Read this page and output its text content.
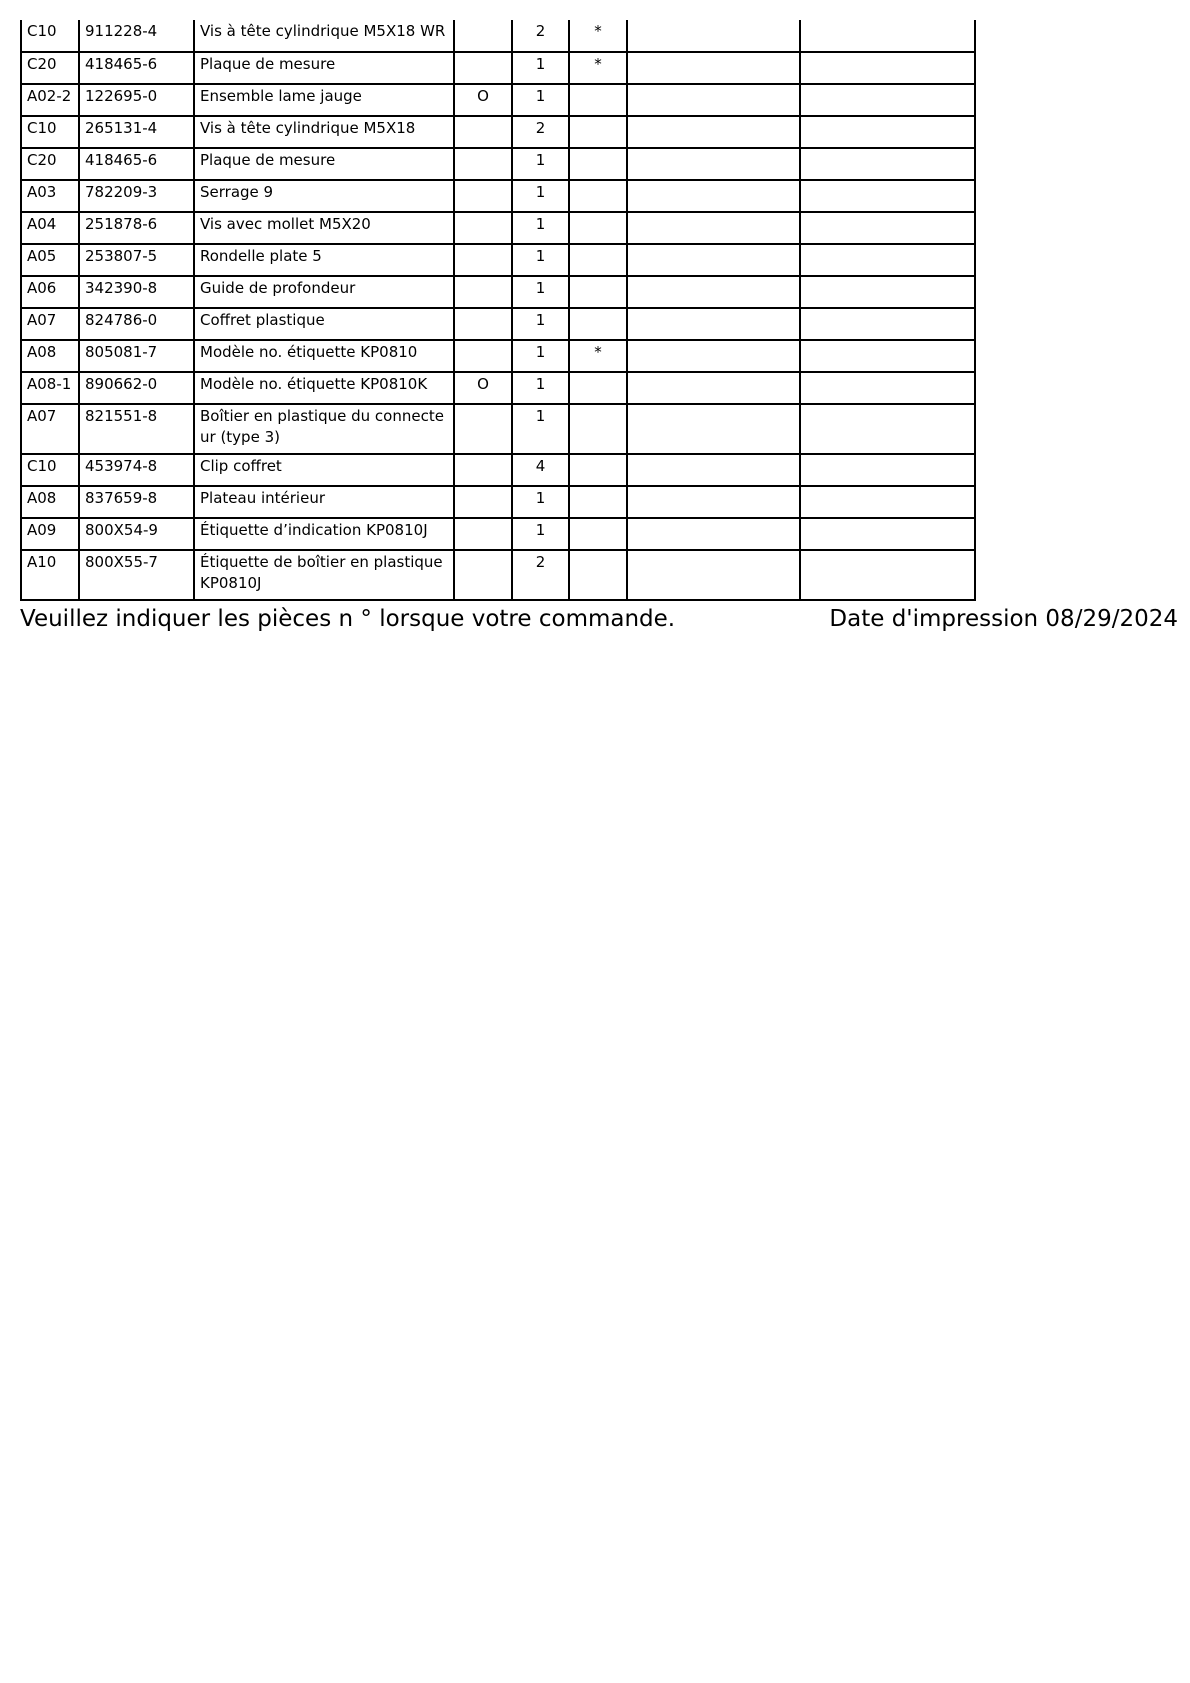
C10	911228-4	Vis à tête cylindrique M5X18 WR		2	*		
C20	418465-6	Plaque de mesure		1	*		
A02-2	122695-0	Ensemble lame jauge	O	1			
C10	265131-4	Vis à tête cylindrique M5X18		2			
C20	418465-6	Plaque de mesure		1			
A03	782209-3	Serrage 9		1			
A04	251878-6	Vis avec mollet M5X20		1			
A05	253807-5	Rondelle plate 5		1			
A06	342390-8	Guide de profondeur		1			
A07	824786-0	Coffret plastique		1			
A08	805081-7	Modèle no. étiquette KP0810		1	*		
A08-1	890662-0	Modèle no. étiquette KP0810K	O	1			
A07	821551-8	Boîtier en plastique du connecte ur (type 3)		1			
C10	453974-8	Clip coffret		4			
A08	837659-8	Plateau intérieur		1			
A09	800X54-9	Étiquette d’indication KP0810J		1			
A10	800X55-7	Étiquette de boîtier en plastique KP0810J		2			
Veuillez indiquer les pièces n ° lorsque votre commande.	Date d'impression 08/29/2024
